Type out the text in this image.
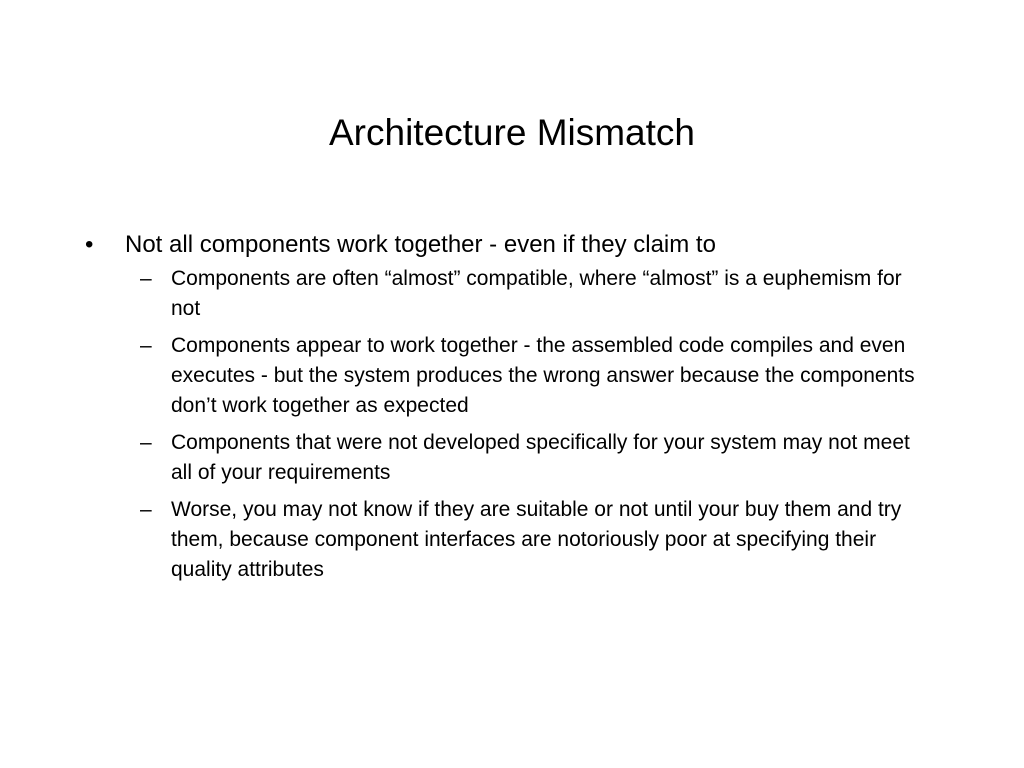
Architecture Mismatch
•	Not all components work together - even if they claim to
– Components are often “almost” compatible, where “almost” is a euphemism for not
– Components appear to work together - the assembled code compiles and even executes - but the system produces the wrong answer because the components don’t work together as expected
– Components that were not developed specifically for your system may not meet all of your requirements
– Worse, you may not know if they are suitable or not until your buy them and try them, because component interfaces are notoriously poor at specifying their quality attributes
